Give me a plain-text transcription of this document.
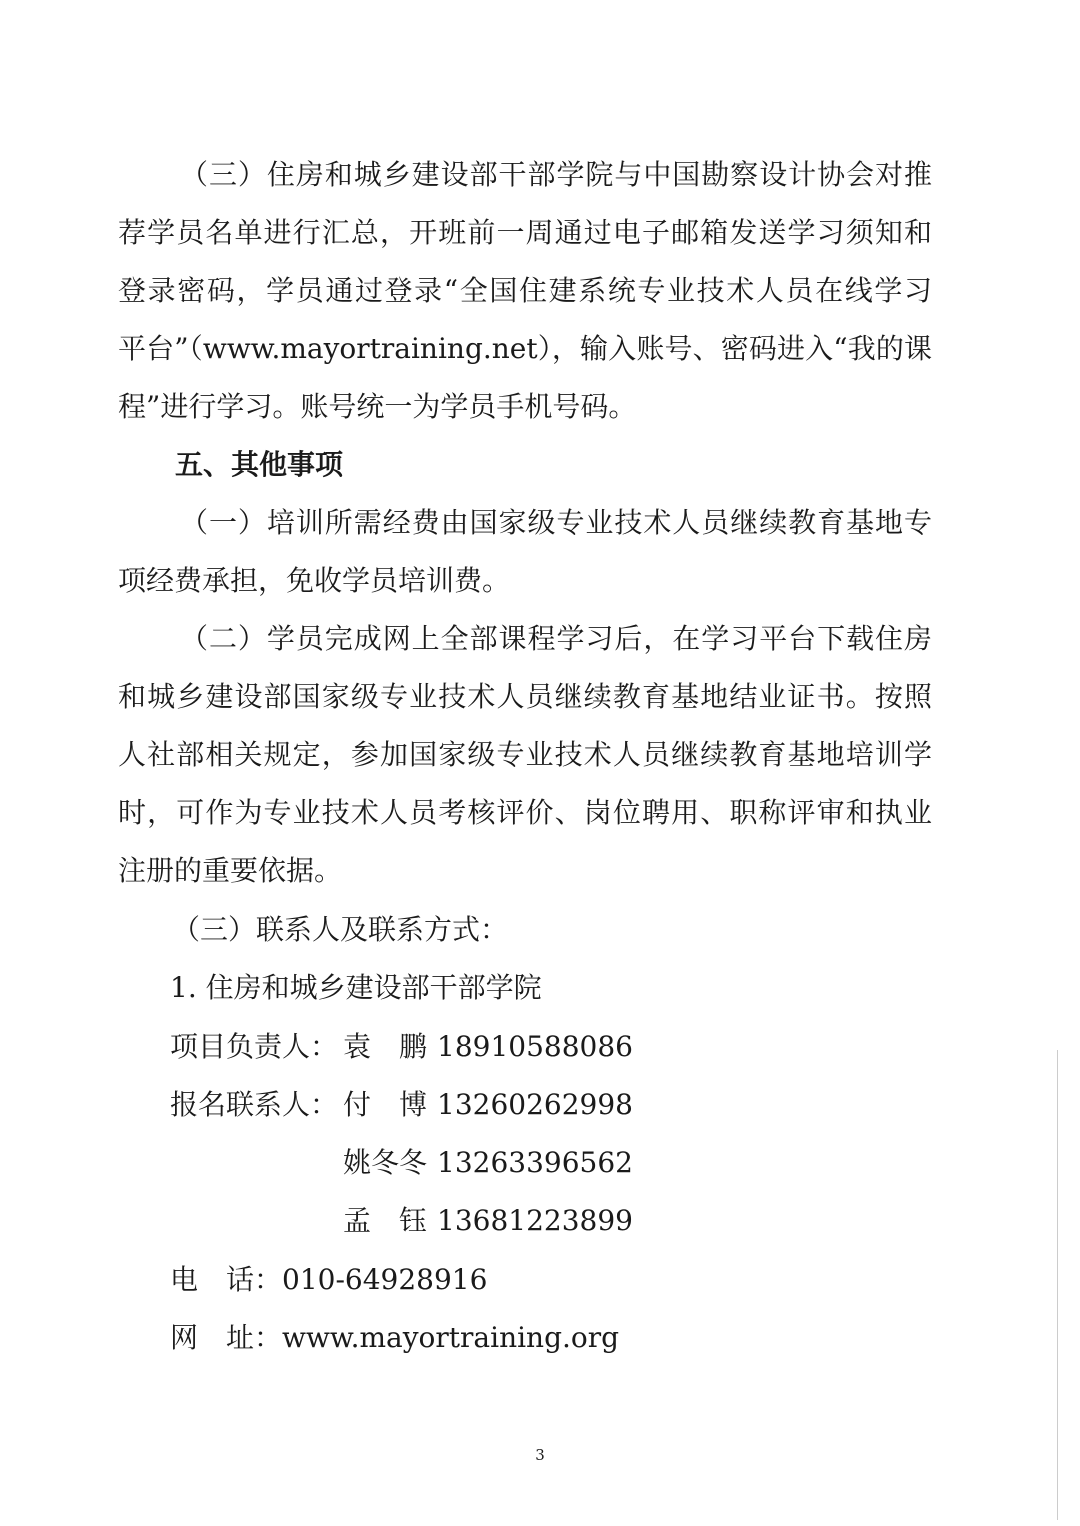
（三）住房和城乡建设部干部学院与中国勘察设计协会对推
荐学员名单进行汇总，开班前一周通过电子邮箱发送学习须知和
登录密码，学员通过登录“全国住建系统专业技术人员在线学习
平台”（www.mayortraining.net），输入账号、密码进入“我的课
程”进行学习。账号统一为学员手机号码。
五、其他事项
（一）培训所需经费由国家级专业技术人员继续教育基地专
项经费承担，免收学员培训费。
（二）学员完成网上全部课程学习后，在学习平台下载住房
和城乡建设部国家级专业技术人员继续教育基地结业证书。按照
人社部相关规定，参加国家级专业技术人员继续教育基地培训学
时，可作为专业技术人员考核评价、岗位聘用、职称评审和执业
注册的重要依据。
（三）联系人及联系方式：
1. 住房和城乡建设部干部学院
项目负责人： 袁　鹏 18910588086
报名联系人： 付　博 13260262998
姚冬冬 13263396562
孟　钰 13681223899
电　话： 010-64928916
网　址： www.mayortraining.org
3
